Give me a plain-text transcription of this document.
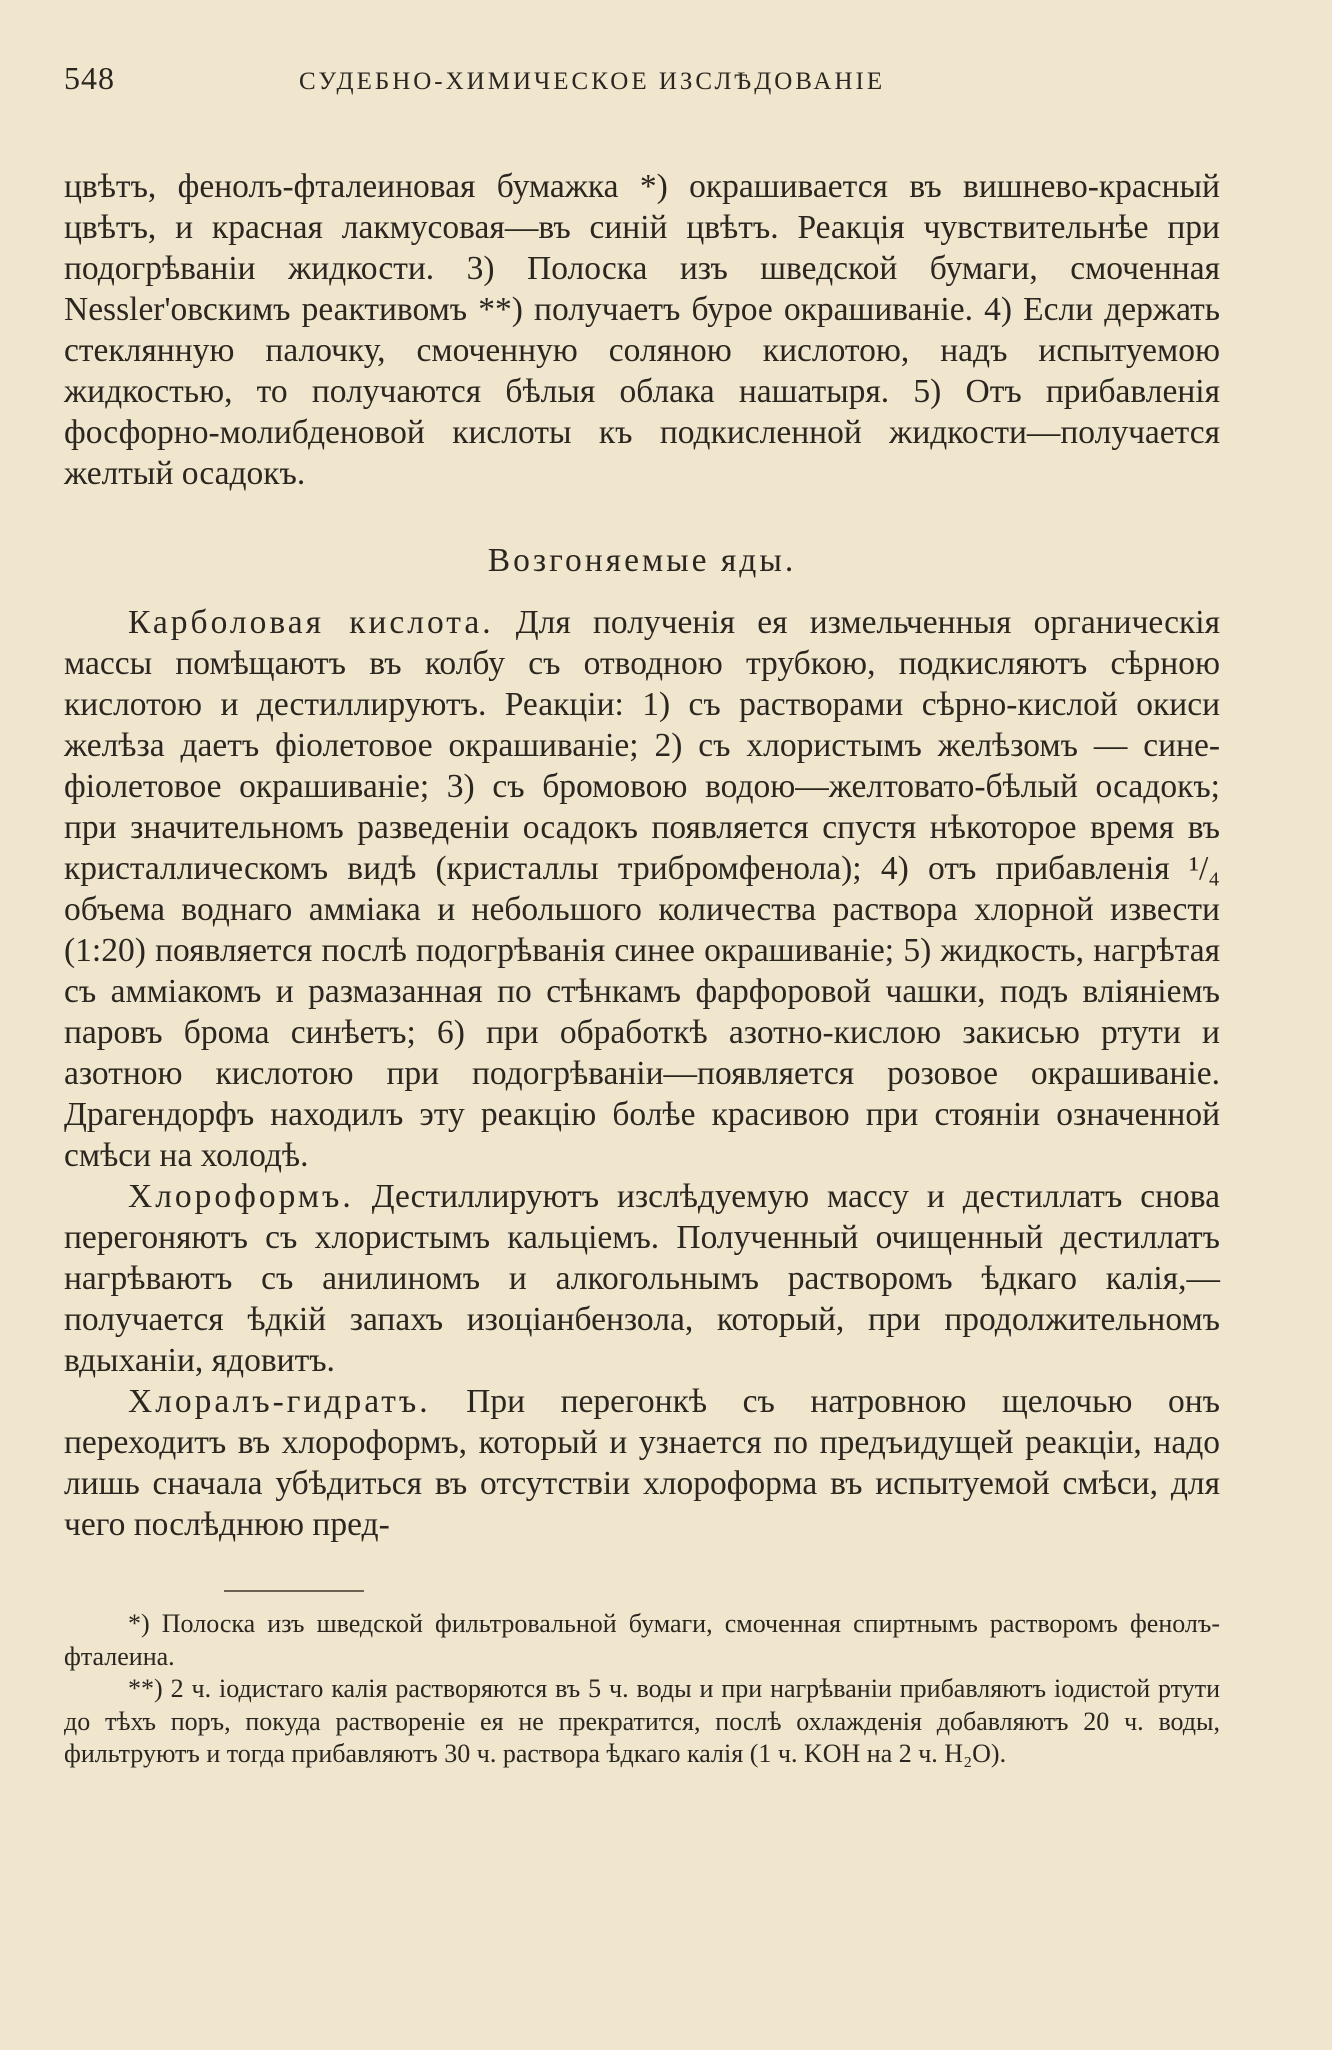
548	СУДЕБНО-ХИМИЧЕСКОЕ ИЗСЛѢДОВАНІЕ

цвѣтъ, фенолъ-фталеиновая бумажка *) окрашивается въ вишнево-красный цвѣтъ, и красная лакмусовая—въ синій цвѣтъ. Реакція чувствительнѣе при подогрѣваніи жидкости. 3) Полоска изъ шведской бумаги, смоченная Nessler'овскимъ реактивомъ **) получаетъ бурое окрашиваніе. 4) Если держать стеклянную палочку, смоченную соляною кислотою, надъ испытуемою жидкостью, то получаются бѣлыя облака нашатыря. 5) Отъ прибавленія фосфорно-молибденовой кислоты къ подкисленной жидкости—получается желтый осадокъ.

Возгоняемые яды.

Карболовая кислота. Для полученія ея измельченныя органическія массы помѣщаютъ въ колбу съ отводною трубкою, подкисляютъ сѣрною кислотою и дестиллируютъ. Реакціи: 1) съ растворами сѣрно-кислой окиси желѣза даетъ фіолетовое окрашиваніе; 2) съ хлористымъ желѣзомъ — сине-фіолетовое окрашиваніе; 3) съ бромовою водою—желтовато-бѣлый осадокъ; при значительномъ разведеніи осадокъ появляется спустя нѣкоторое время въ кристаллическомъ видѣ (кристаллы трибромфенола); 4) отъ прибавленія ¹/₄ объема воднаго амміака и небольшого количества раствора хлорной извести (1:20) появляется послѣ подогрѣванія синее окрашиваніе; 5) жидкость, нагрѣтая съ амміакомъ и размазанная по стѣнкамъ фарфоровой чашки, подъ вліяніемъ паровъ брома синѣетъ; 6) при обработкѣ азотно-кислою закисью ртути и азотною кислотою при подогрѣваніи—появляется розовое окрашиваніе. Драгендорфъ находилъ эту реакцію болѣе красивою при стояніи означенной смѣси на холодѣ.

Хлороформъ. Дестиллируютъ изслѣдуемую массу и дестиллатъ снова перегоняютъ съ хлористымъ кальціемъ. Полученный очищенный дестиллатъ нагрѣваютъ съ анилиномъ и алкогольнымъ растворомъ ѣдкаго калія,—получается ѣдкій запахъ изоціанбензола, который, при продолжительномъ вдыханіи, ядовитъ.

Хлоралъ-гидратъ. При перегонкѣ съ натровною щелочью онъ переходитъ въ хлороформъ, который и узнается по предъидущей реакціи, надо лишь сначала убѣдиться въ отсутствіи хлороформа въ испытуемой смѣси, для чего послѣднюю пред-

*) Полоска изъ шведской фильтровальной бумаги, смоченная спиртнымъ растворомъ фенолъ-фталеина.

**) 2 ч. іодистаго калія растворяются въ 5 ч. воды и при нагрѣваніи прибавляютъ іодистой ртути до тѣхъ поръ, покуда раствореніе ея не прекратится, послѣ охлажденія добавляютъ 20 ч. воды, фильтруютъ и тогда прибавляютъ 30 ч. раствора ѣдкаго калія (1 ч. KOH на 2 ч. H₂O).
